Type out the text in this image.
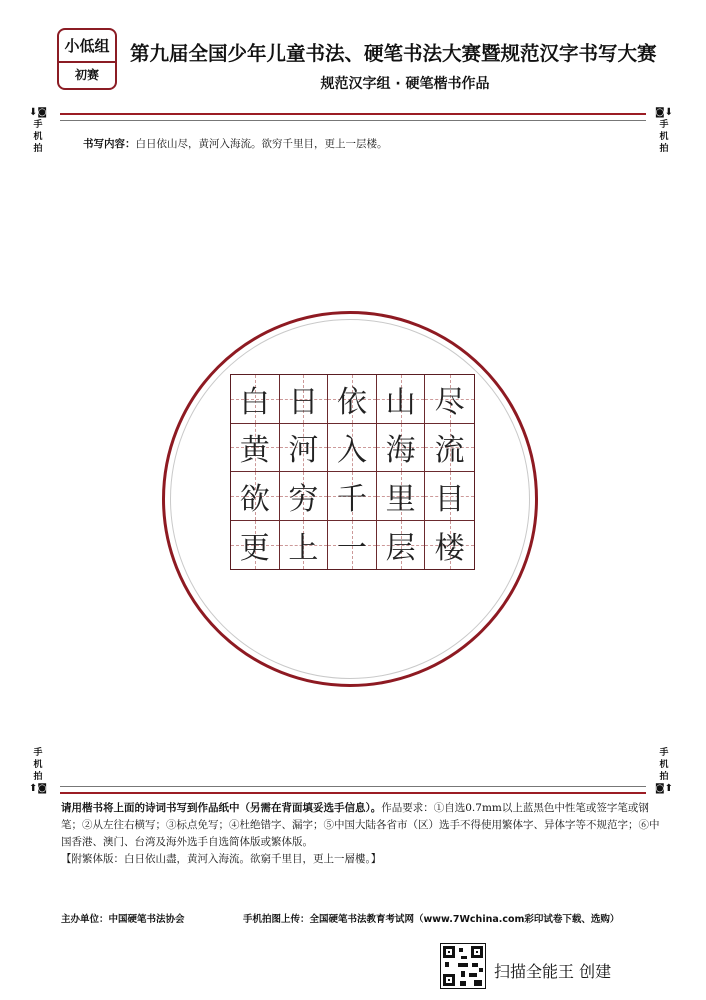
小低组
初赛
第九届全国少年儿童书法、硬笔书法大赛暨规范汉字书写大赛
规范汉字组 · 硬笔楷书作品
⬇◙
手
机
拍
◙⬇
手
机
拍
书写内容：白日依山尽，黄河入海流。欲穷千里目，更上一层楼。
白 日 依 山 尽
黄 河 入 海 流
欲 穷 千 里 目
更 上 一 层 楼
手
机
拍
⬆◙
手
机
拍
◙⬆
请用楷书将上面的诗词书写到作品纸中（另需在背面填妥选手信息）。作品要求：①自选0.7mm以上蓝黑色中性笔或签字笔或钢笔；②从左往右横写；③标点免写；④杜绝错字、漏字；⑤中国大陆各省市（区）选手不得使用繁体字、异体字等不规范字；⑥中国香港、澳门、台湾及海外选手自选简体版或繁体版。
【附繁体版：白日依山盡，黄河入海流。欲窮千里目，更上一層樓。】
主办单位：中国硬笔书法协会	手机拍图上传：全国硬笔书法教育考试网（www.7Wchina.com彩印试卷下载、选购）
扫描全能王 创建
